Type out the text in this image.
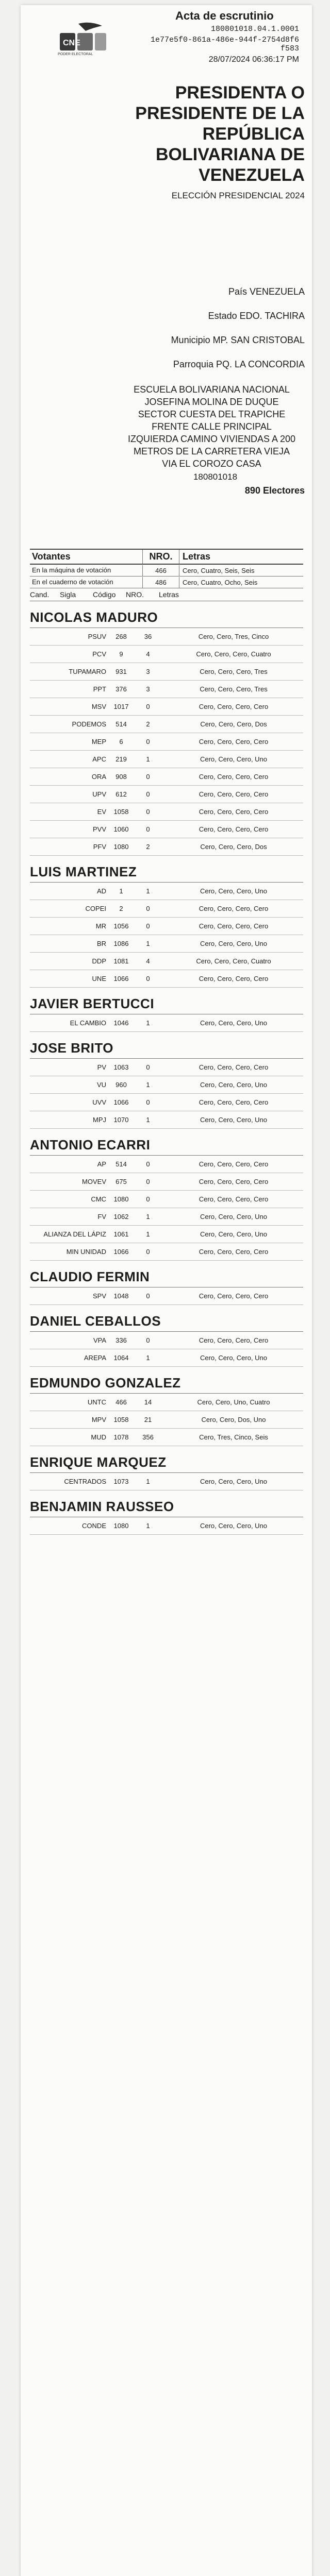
CNE
PODER ELECTORAL
Acta de escrutinio
180801018.04.1.0001
1e77e5f0-861a-486e-944f-2754d8f6f583
28/07/2024 06:36:17 PM
PRESIDENTA O
PRESIDENTE DE LA
REPÚBLICA
BOLIVARIANA DE
VENEZUELA
ELECCIÓN PRESIDENCIAL 2024
País VENEZUELA
Estado EDO. TACHIRA
Municipio MP. SAN CRISTOBAL
Parroquia PQ. LA CONCORDIA
ESCUELA BOLIVARIANA NACIONAL
JOSEFINA MOLINA DE DUQUE
SECTOR CUESTA DEL TRAPICHE
FRENTE CALLE PRINCIPAL
IZQUIERDA CAMINO VIVIENDAS A 200
METROS DE LA CARRETERA VIEJA
VIA EL COROZO CASA
180801018
890 Electores
Votantes	NRO.	Letras
En la máquina de votación	466	Cero, Cuatro, Seis, Seis
En el cuaderno de votación	486	Cero, Cuatro, Ocho, Seis
Cand.	Sigla	Código	NRO.	Letras
NICOLAS MADURO
PSUV	268	36	Cero, Cero, Tres, Cinco
PCV	9	4	Cero, Cero, Cero, Cuatro
TUPAMARO	931	3	Cero, Cero, Cero, Tres
PPT	376	3	Cero, Cero, Cero, Tres
MSV	1017	0	Cero, Cero, Cero, Cero
PODEMOS	514	2	Cero, Cero, Cero, Dos
MEP	6	0	Cero, Cero, Cero, Cero
APC	219	1	Cero, Cero, Cero, Uno
ORA	908	0	Cero, Cero, Cero, Cero
UPV	612	0	Cero, Cero, Cero, Cero
EV	1058	0	Cero, Cero, Cero, Cero
PVV	1060	0	Cero, Cero, Cero, Cero
PFV	1080	2	Cero, Cero, Cero, Dos
LUIS MARTINEZ
AD	1	1	Cero, Cero, Cero, Uno
COPEI	2	0	Cero, Cero, Cero, Cero
MR	1056	0	Cero, Cero, Cero, Cero
BR	1086	1	Cero, Cero, Cero, Uno
DDP	1081	4	Cero, Cero, Cero, Cuatro
UNE	1066	0	Cero, Cero, Cero, Cero
JAVIER BERTUCCI
EL CAMBIO	1046	1	Cero, Cero, Cero, Uno
JOSE BRITO
PV	1063	0	Cero, Cero, Cero, Cero
VU	960	1	Cero, Cero, Cero, Uno
UVV	1066	0	Cero, Cero, Cero, Cero
MPJ	1070	1	Cero, Cero, Cero, Uno
ANTONIO ECARRI
AP	514	0	Cero, Cero, Cero, Cero
MOVEV	675	0	Cero, Cero, Cero, Cero
CMC	1080	0	Cero, Cero, Cero, Cero
FV	1062	1	Cero, Cero, Cero, Uno
ALIANZA DEL LÁPIZ	1061	1	Cero, Cero, Cero, Uno
MIN UNIDAD	1066	0	Cero, Cero, Cero, Cero
CLAUDIO FERMIN
SPV	1048	0	Cero, Cero, Cero, Cero
DANIEL CEBALLOS
VPA	336	0	Cero, Cero, Cero, Cero
AREPA	1064	1	Cero, Cero, Cero, Uno
EDMUNDO GONZALEZ
UNTC	466	14	Cero, Cero, Uno, Cuatro
MPV	1058	21	Cero, Cero, Dos, Uno
MUD	1078	356	Cero, Tres, Cinco, Seis
ENRIQUE MARQUEZ
CENTRADOS	1073	1	Cero, Cero, Cero, Uno
BENJAMIN RAUSSEO
CONDE	1080	1	Cero, Cero, Cero, Uno
